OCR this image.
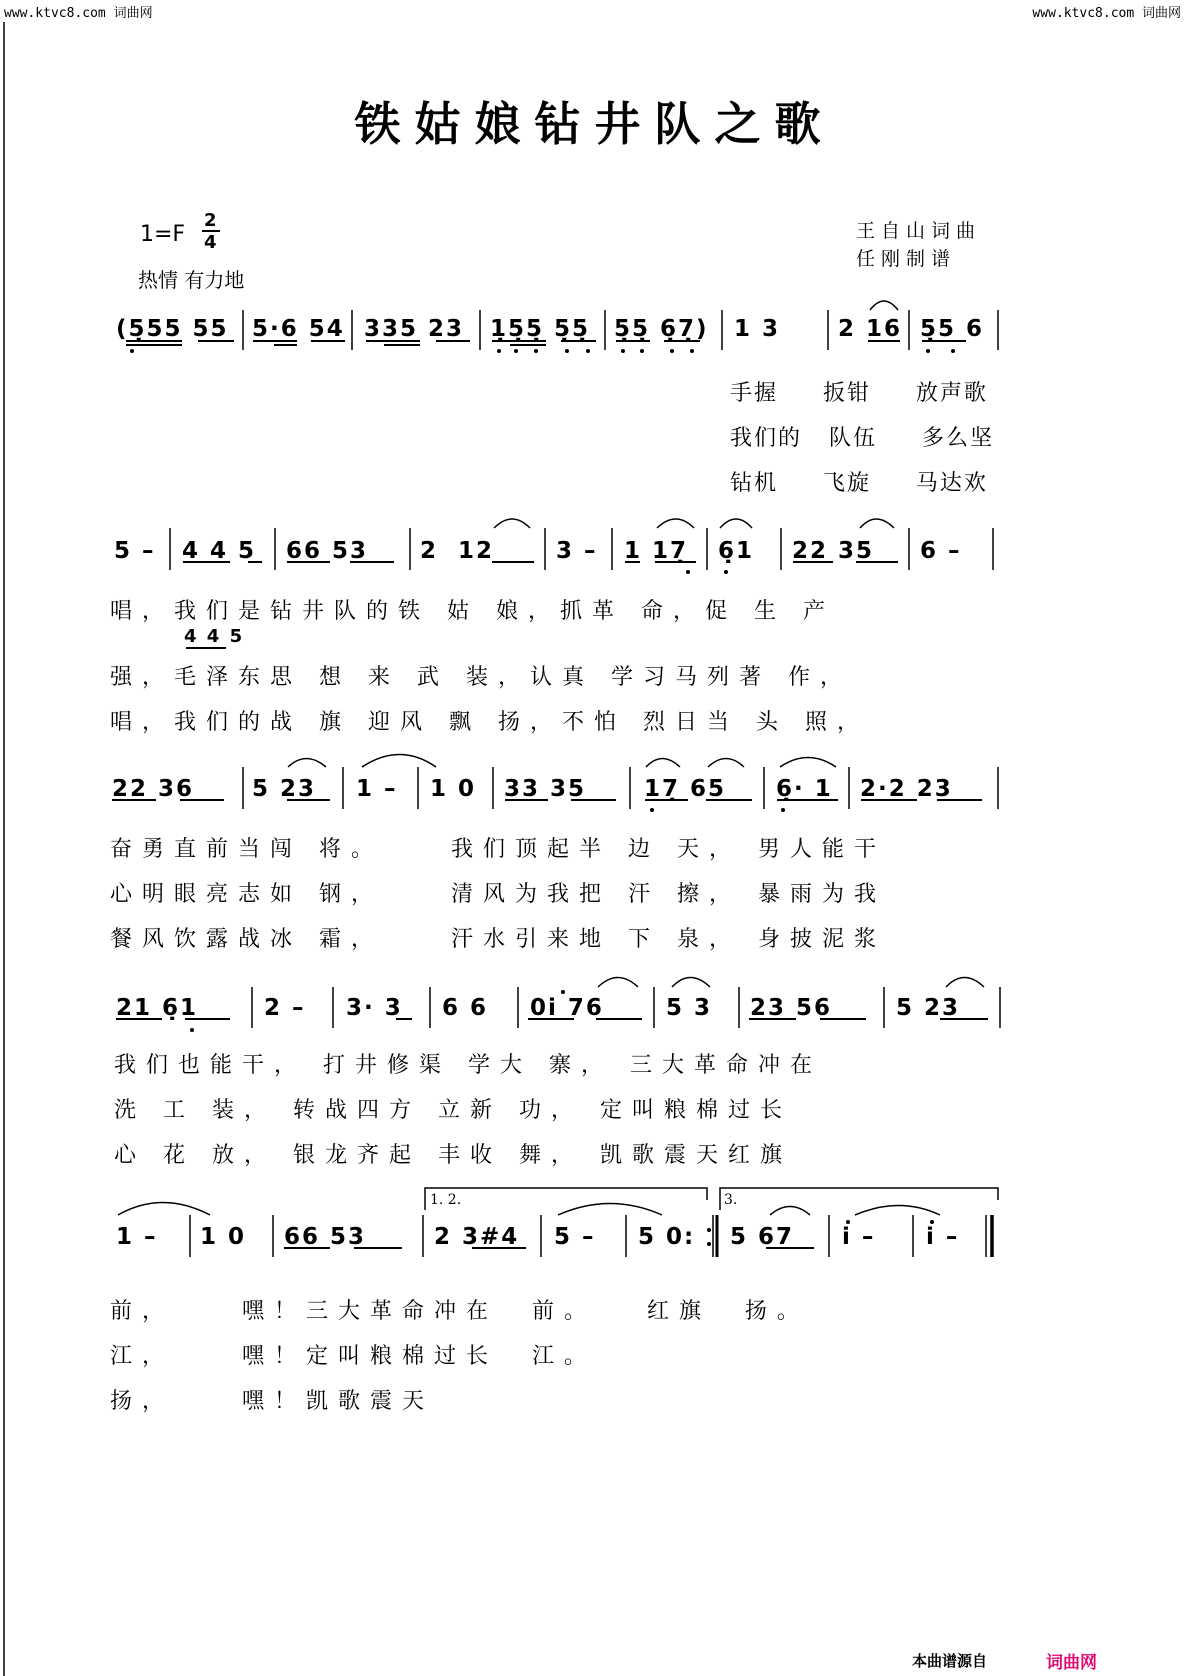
www.ktvc8.com 词曲网	www.ktvc8.com 词曲网
铁姑娘钻井队之歌
1=F
2
4
热情 有力地
王自山词曲
任刚制谱
(5̣55 55 5·6 54 335 23 1̣5̣5̣ 5̣5̣ 5̣5̣ 6̣7̣) 1 3	2 16 5̣5 6
手握     扳钳     放声歌
我们的   队伍     多么坚
钻机     飞旋     马达欢
5 – 4 4 5 66 53 2  12	3 – 1 17̣ 6̣1 22 35 6 –
4 4 5
唱，我们是钻井队的铁 姑 娘，抓革 命，促 生 产
强，毛泽东思 想 来 武 装，认真 学习马列著 作，
唱，我们的战 旗 迎风 飘 扬，不怕 烈日当 头 照，
22 36	5 23 1 – 1 0 33 35	17̣ 65 6̣· 1 2·2 23
奋勇直前当闯 将。    我们顶起半 边 天， 男人能干
心明眼亮志如 钢，    清风为我把 汗 擦， 暴雨为我
餐风饮露战冰 霜，    汗水引来地 下 泉， 身披泥浆
21 6̣1	2 – 3· 3 6 6 0i 76	5 3 23 56	5 23
我们也能干， 打井修渠 学大 寨， 三大革命冲在
洗 工 装， 转战四方 立新 功， 定叫粮棉过长
心 花 放， 银龙齐起 丰收 舞， 凯歌震天红旗
1. 2.	3.
1 – 1 0 66 53	2 3#4 5 – 5 0: 5 67 i – i –
前，    嘿！三大革命冲在  前。   红旗  扬。
江，    嘿！定叫粮棉过长  江。
扬，    嘿！凯歌震天
本曲谱源自	词曲网
